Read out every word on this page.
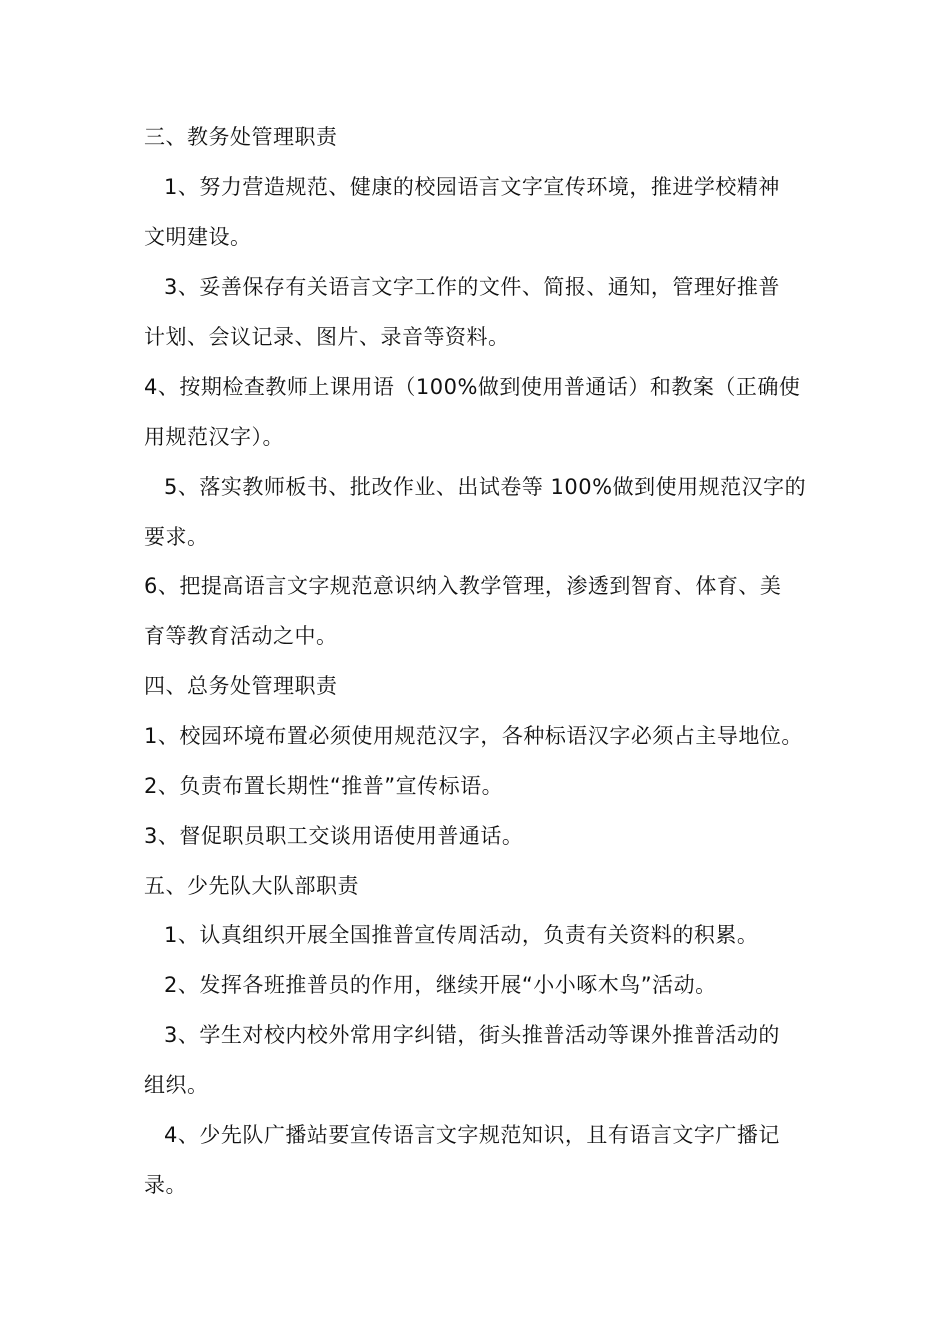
三、教务处管理职责
1、努力营造规范、健康的校园语言文字宣传环境，推进学校精神
文明建设。
3、妥善保存有关语言文字工作的文件、简报、通知，管理好推普
计划、会议记录、图片、录音等资料。
4、按期检查教师上课用语（100%做到使用普通话）和教案（正确使
用规范汉字）。
5、落实教师板书、批改作业、出试卷等 100%做到使用规范汉字的
要求。
6、把提高语言文字规范意识纳入教学管理，渗透到智育、体育、美
育等教育活动之中。
四、总务处管理职责
1、校园环境布置必须使用规范汉字，各种标语汉字必须占主导地位。
2、负责布置长期性“推普”宣传标语。
3、督促职员职工交谈用语使用普通话。
五、少先队大队部职责
1、认真组织开展全国推普宣传周活动，负责有关资料的积累。
2、发挥各班推普员的作用，继续开展“小小啄木鸟”活动。
3、学生对校内校外常用字纠错，街头推普活动等课外推普活动的
组织。
4、少先队广播站要宣传语言文字规范知识，且有语言文字广播记
录。
